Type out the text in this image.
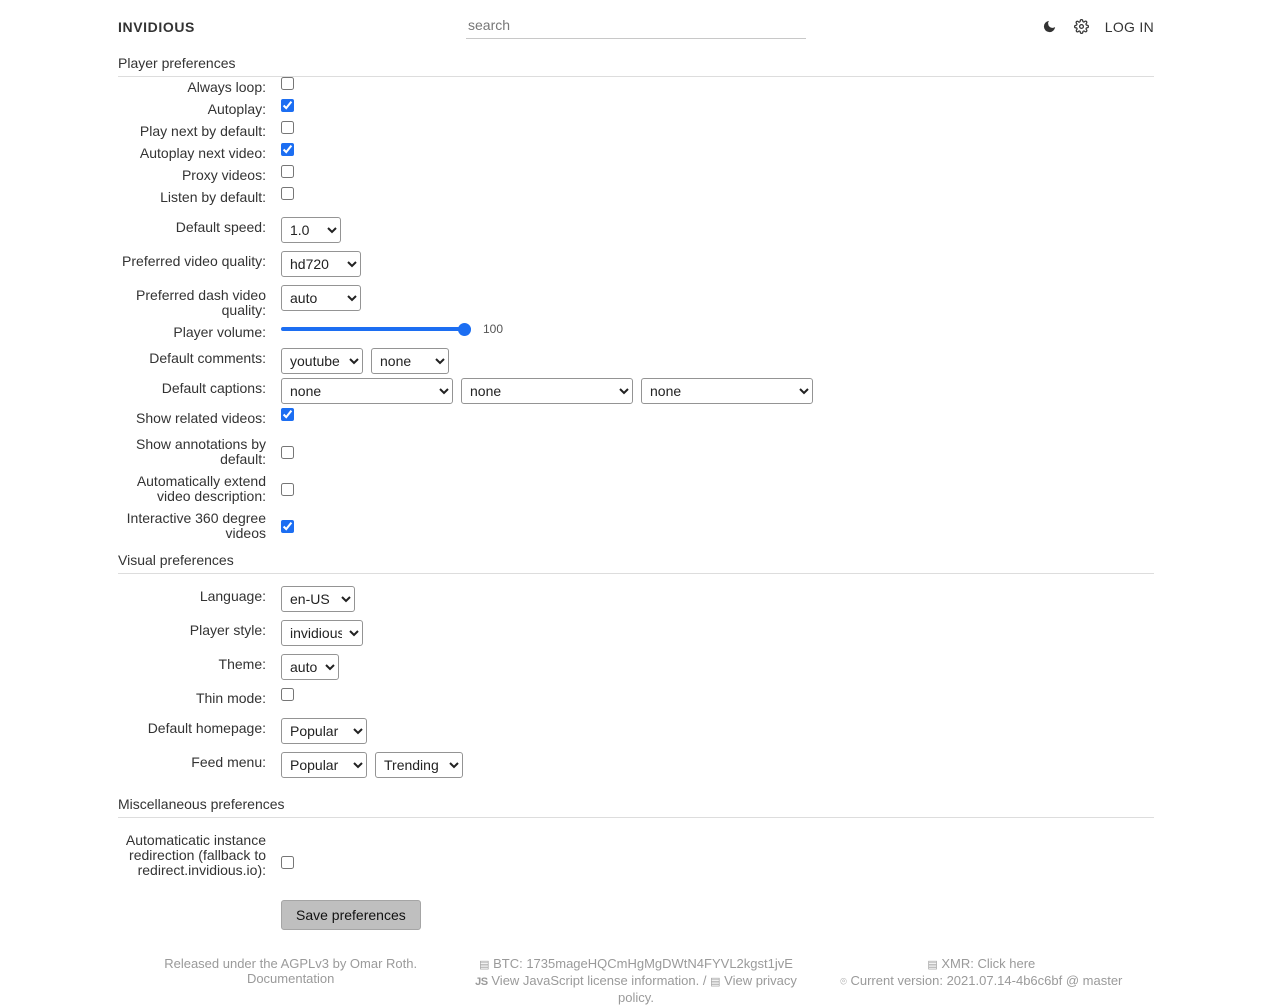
INVIDIOUS
search	LOG IN
Player preferences
Always loop:
Autoplay:
Play next by default:
Autoplay next video:
Proxy videos:
Listen by default:
Default speed:
1.0
Preferred video quality:
hd720
Preferred dash video quality:
auto
Player volume:	100
Default comments:
youtube
none
Default captions:
none
none
none
Show related videos:
Show annotations by default:
Automatically extend video description:
Interactive 360 degree videos
Visual preferences
Language:
en-US
Player style:
invidious
Theme:
auto
Thin mode:
Default homepage:
Popular
Feed menu:
Popular
Trending
Miscellaneous preferences
Automaticatic instance redirection (fallback to redirect.invidious.io):
Save preferences
Released under the AGPLv3 by Omar Roth.
Documentation
▤ BTC: 1735mageHQCmHgMgDWtN4FYVL2kgst1jvE
JS View JavaScript license information. / ▤ View privacy policy.
▤ XMR: Click here
⌾ Current version: 2021.07.14-4b6c6bf @ master
